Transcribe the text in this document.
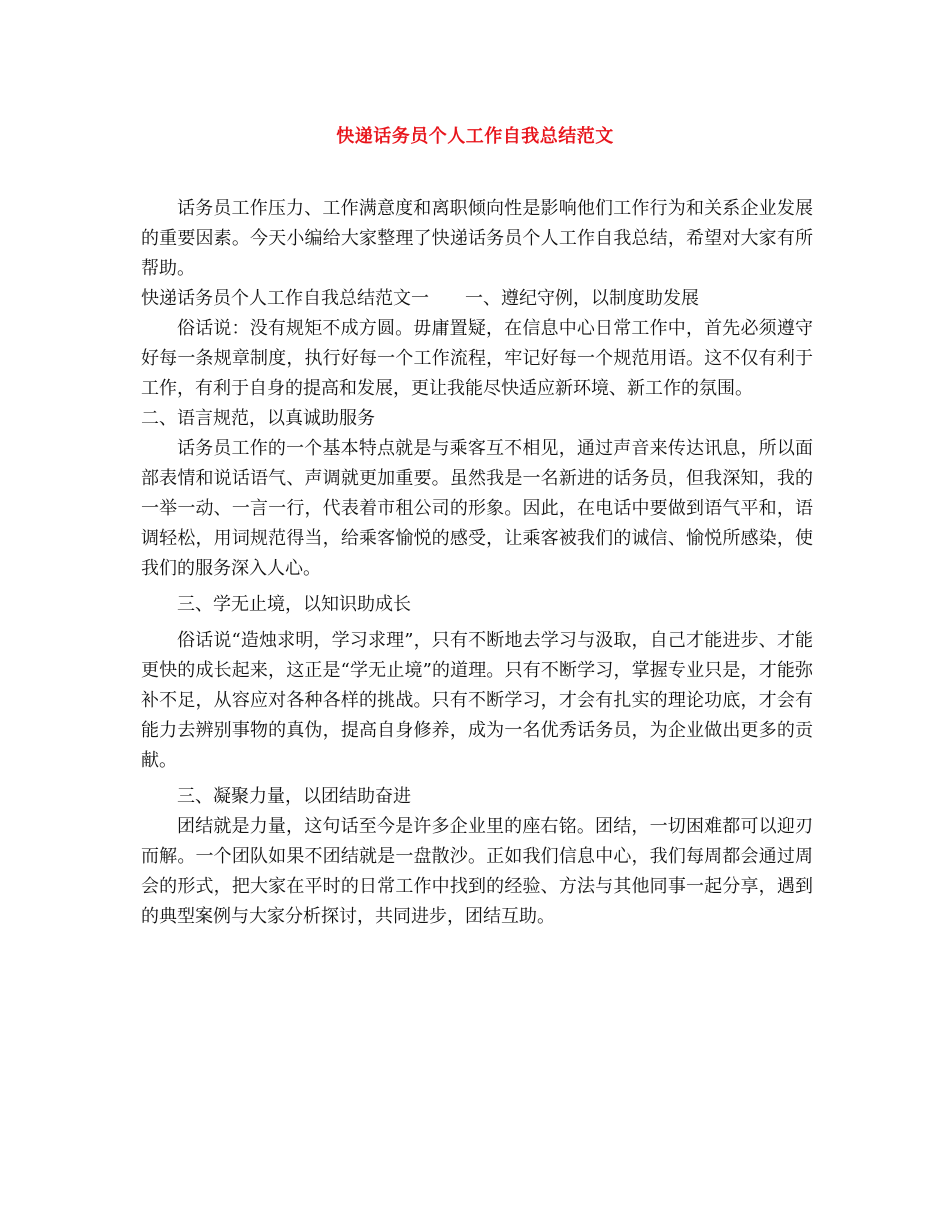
快递话务员个人工作自我总结范文

话务员工作压力、工作满意度和离职倾向性是影响他们工作行为和关系企业发展的重要因素。今天小编给大家整理了快递话务员个人工作自我总结，希望对大家有所帮助。

快递话务员个人工作自我总结范文一 一、遵纪守例，以制度助发展

俗话说：没有规矩不成方圆。毋庸置疑，在信息中心日常工作中，首先必须遵守好每一条规章制度，执行好每一个工作流程，牢记好每一个规范用语。这不仅有利于工作，有利于自身的提高和发展，更让我能尽快适应新环境、新工作的氛围。

二、语言规范，以真诚助服务

话务员工作的一个基本特点就是与乘客互不相见，通过声音来传达讯息，所以面部表情和说话语气、声调就更加重要。虽然我是一名新进的话务员，但我深知，我的一举一动、一言一行，代表着市租公司的形象。因此，在电话中要做到语气平和，语调轻松，用词规范得当，给乘客愉悦的感受，让乘客被我们的诚信、愉悦所感染，使我们的服务深入人心。

三、学无止境，以知识助成长

俗话说“造烛求明，学习求理”，只有不断地去学习与汲取，自己才能进步、才能更快的成长起来，这正是“学无止境”的道理。只有不断学习，掌握专业只是，才能弥补不足，从容应对各种各样的挑战。只有不断学习，才会有扎实的理论功底，才会有能力去辨别事物的真伪，提高自身修养，成为一名优秀话务员，为企业做出更多的贡献。

三、凝聚力量，以团结助奋进

团结就是力量，这句话至今是许多企业里的座右铭。团结，一切困难都可以迎刃而解。一个团队如果不团结就是一盘散沙。正如我们信息中心，我们每周都会通过周会的形式，把大家在平时的日常工作中找到的经验、方法与其他同事一起分享，遇到的典型案例与大家分析探讨，共同进步，团结互助。
